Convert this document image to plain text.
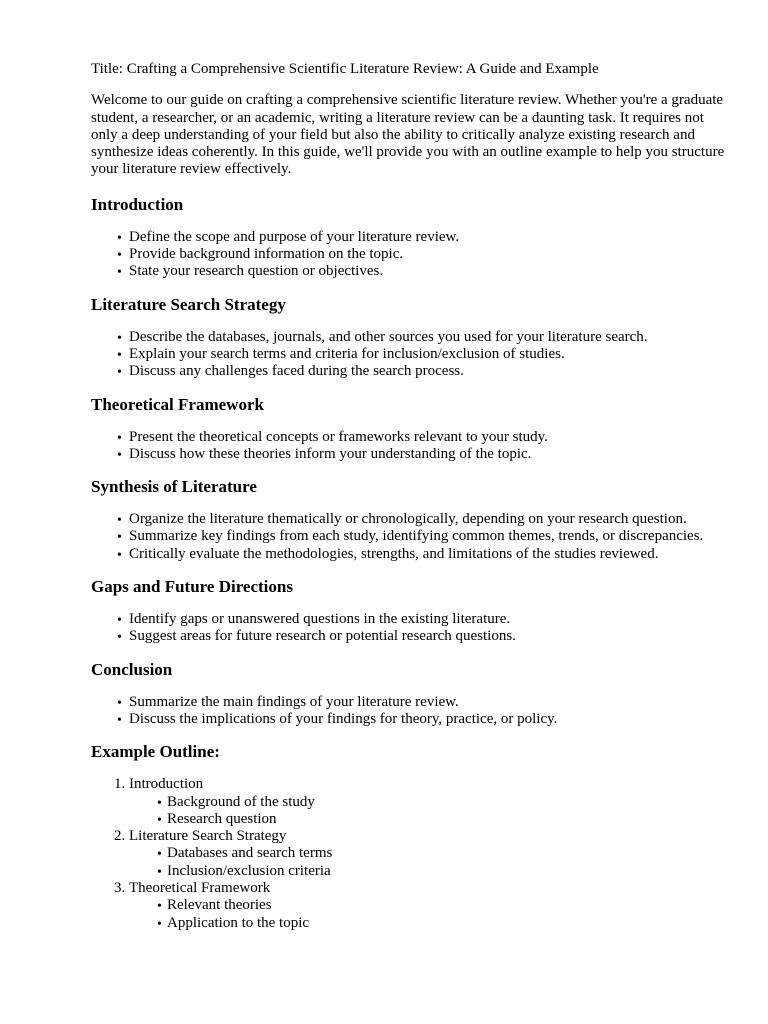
Title: Crafting a Comprehensive Scientific Literature Review: A Guide and Example

Welcome to our guide on crafting a comprehensive scientific literature review. Whether you're a graduate student, a researcher, or an academic, writing a literature review can be a daunting task. It requires not only a deep understanding of your field but also the ability to critically analyze existing research and synthesize ideas coherently. In this guide, we'll provide you with an outline example to help you structure your literature review effectively.

Introduction
• Define the scope and purpose of your literature review.
• Provide background information on the topic.
• State your research question or objectives.
Literature Search Strategy
• Describe the databases, journals, and other sources you used for your literature search.
• Explain your search terms and criteria for inclusion/exclusion of studies.
• Discuss any challenges faced during the search process.
Theoretical Framework
• Present the theoretical concepts or frameworks relevant to your study.
• Discuss how these theories inform your understanding of the topic.
Synthesis of Literature
• Organize the literature thematically or chronologically, depending on your research question.
• Summarize key findings from each study, identifying common themes, trends, or discrepancies.
• Critically evaluate the methodologies, strengths, and limitations of the studies reviewed.
Gaps and Future Directions
• Identify gaps or unanswered questions in the existing literature.
• Suggest areas for future research or potential research questions.
Conclusion
• Summarize the main findings of your literature review.
• Discuss the implications of your findings for theory, practice, or policy.
Example Outline:
1. Introduction
• Background of the study
• Research question
2. Literature Search Strategy
• Databases and search terms
• Inclusion/exclusion criteria
3. Theoretical Framework
• Relevant theories
• Application to the topic
